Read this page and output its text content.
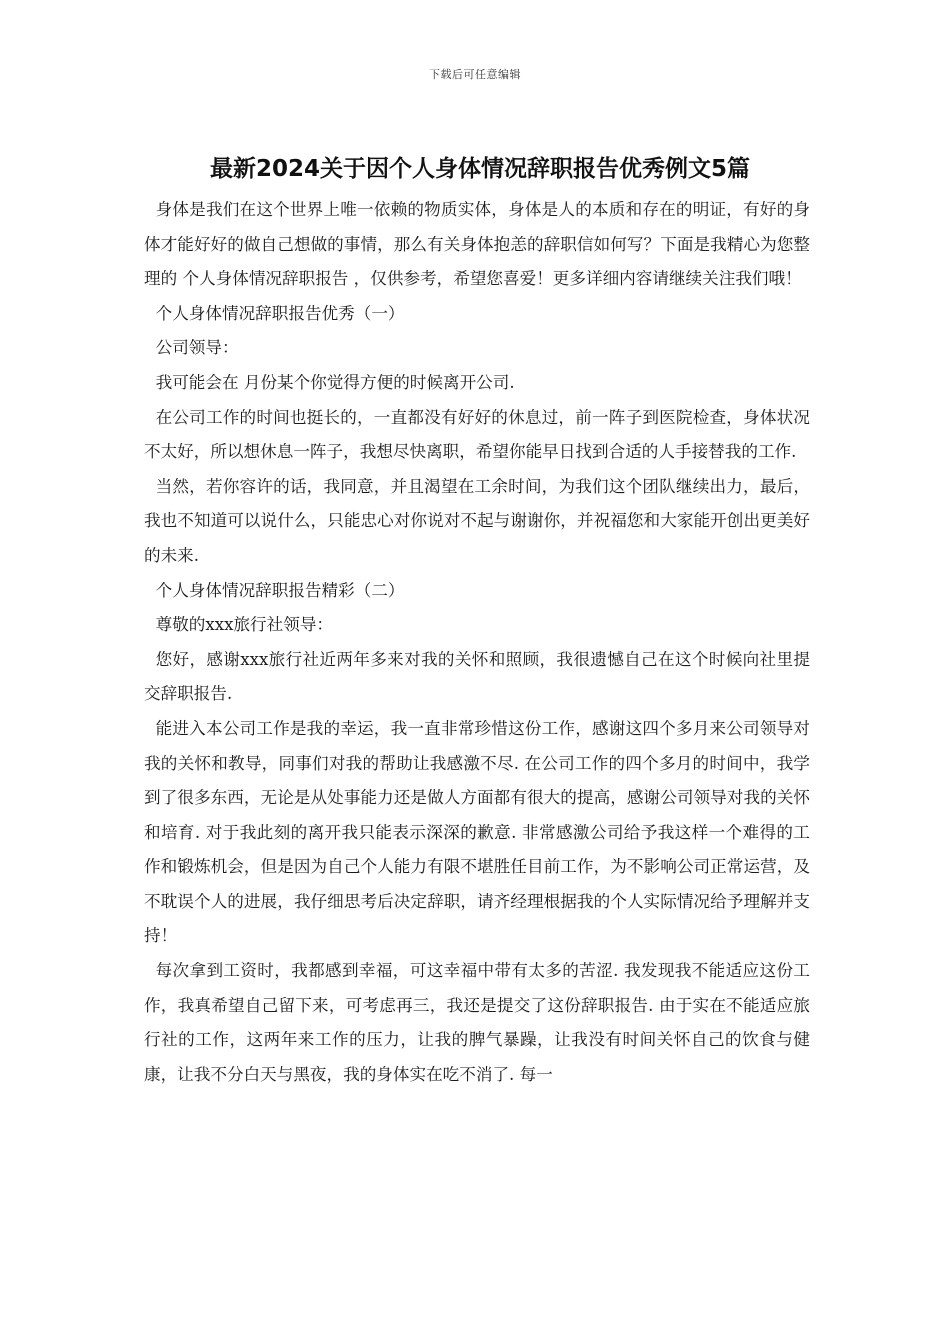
下载后可任意编辑
最新2024关于因个人身体情况辞职报告优秀例文5篇

身体是我们在这个世界上唯一依赖的物质实体，身体是人的本质和存在的明证，有好的身体才能好好的做自己想做的事情，那么有关身体抱恙的辞职信如何写？下面是我精心为您整理的 个人身体情况辞职报告 ，仅供参考，希望您喜爱！更多详细内容请继续关注我们哦！

个人身体情况辞职报告优秀（一）

公司领导：

我可能会在 月份某个你觉得方便的时候离开公司.

在公司工作的时间也挺长的，一直都没有好好的休息过，前一阵子到医院检查，身体状况不太好，所以想休息一阵子，我想尽快离职，希望你能早日找到合适的人手接替我的工作.

当然，若你容许的话，我同意，并且渴望在工余时间，为我们这个团队继续出力，最后，我也不知道可以说什么，只能忠心对你说对不起与谢谢你，并祝福您和大家能开创出更美好的未来.

个人身体情况辞职报告精彩（二）

尊敬的xxx旅行社领导：

您好，感谢xxx旅行社近两年多来对我的关怀和照顾，我很遗憾自己在这个时候向社里提交辞职报告.

能进入本公司工作是我的幸运，我一直非常珍惜这份工作，感谢这四个多月来公司领导对我的关怀和教导，同事们对我的帮助让我感激不尽. 在公司工作的四个多月的时间中，我学到了很多东西，无论是从处事能力还是做人方面都有很大的提高，感谢公司领导对我的关怀和培育. 对于我此刻的离开我只能表示深深的歉意. 非常感激公司给予我这样一个难得的工作和锻炼机会，但是因为自己个人能力有限不堪胜任目前工作，为不影响公司正常运营，及不耽误个人的进展，我仔细思考后决定辞职，请齐经理根据我的个人实际情况给予理解并支持！

每次拿到工资时，我都感到幸福，可这幸福中带有太多的苦涩. 我发现我不能适应这份工作，我真希望自己留下来，可考虑再三，我还是提交了这份辞职报告. 由于实在不能适应旅行社的工作，这两年来工作的压力，让我的脾气暴躁，让我没有时间关怀自己的饮食与健康，让我不分白天与黑夜，我的身体实在吃不消了. 每一
